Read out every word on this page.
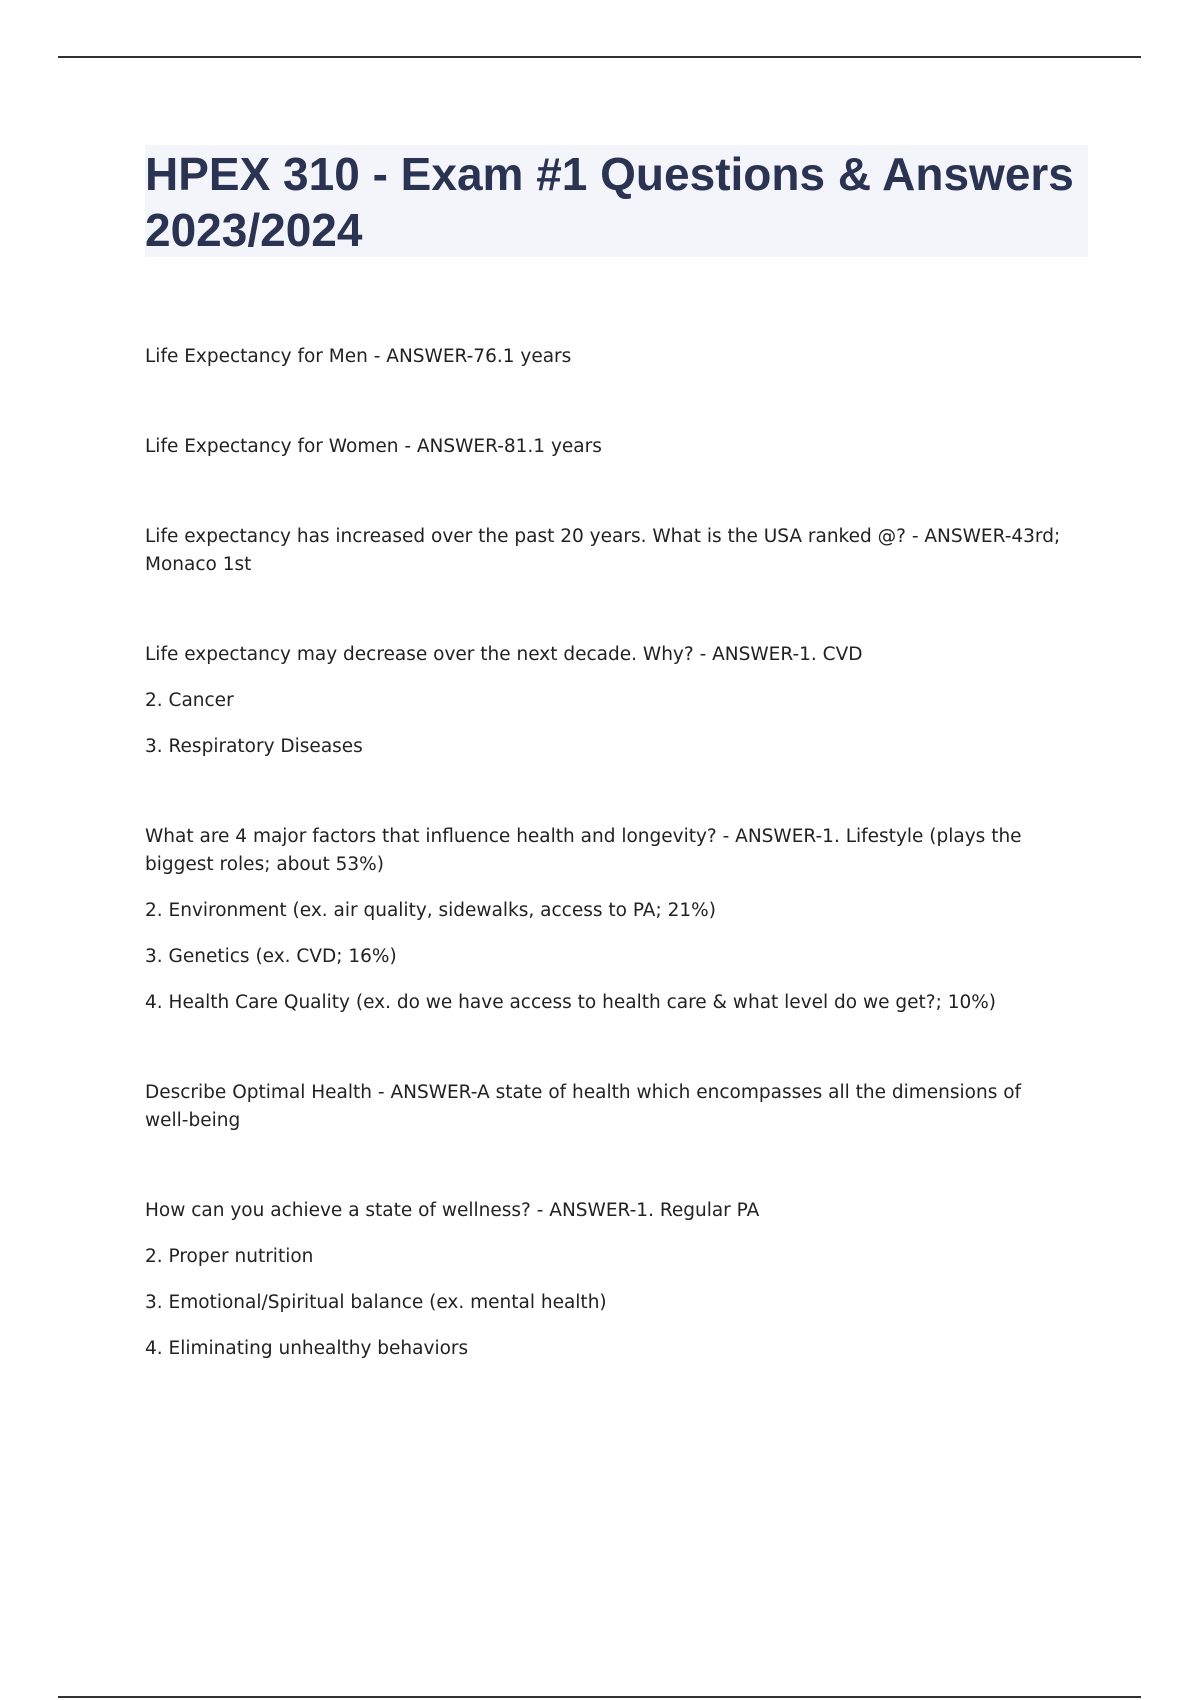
HPEX 310 - Exam #1 Questions & Answers 2023/2024

Life Expectancy for Men - ANSWER-76.1 years

Life Expectancy for Women - ANSWER-81.1 years

Life expectancy has increased over the past 20 years. What is the USA ranked @? - ANSWER-43rd; Monaco 1st

Life expectancy may decrease over the next decade. Why? - ANSWER-1. CVD

2. Cancer

3. Respiratory Diseases

What are 4 major factors that influence health and longevity? - ANSWER-1. Lifestyle (plays the biggest roles; about 53%)

2. Environment (ex. air quality, sidewalks, access to PA; 21%)

3. Genetics (ex. CVD; 16%)

4. Health Care Quality (ex. do we have access to health care & what level do we get?; 10%)

Describe Optimal Health - ANSWER-A state of health which encompasses all the dimensions of well-being

How can you achieve a state of wellness? - ANSWER-1. Regular PA

2. Proper nutrition

3. Emotional/Spiritual balance (ex. mental health)

4. Eliminating unhealthy behaviors
